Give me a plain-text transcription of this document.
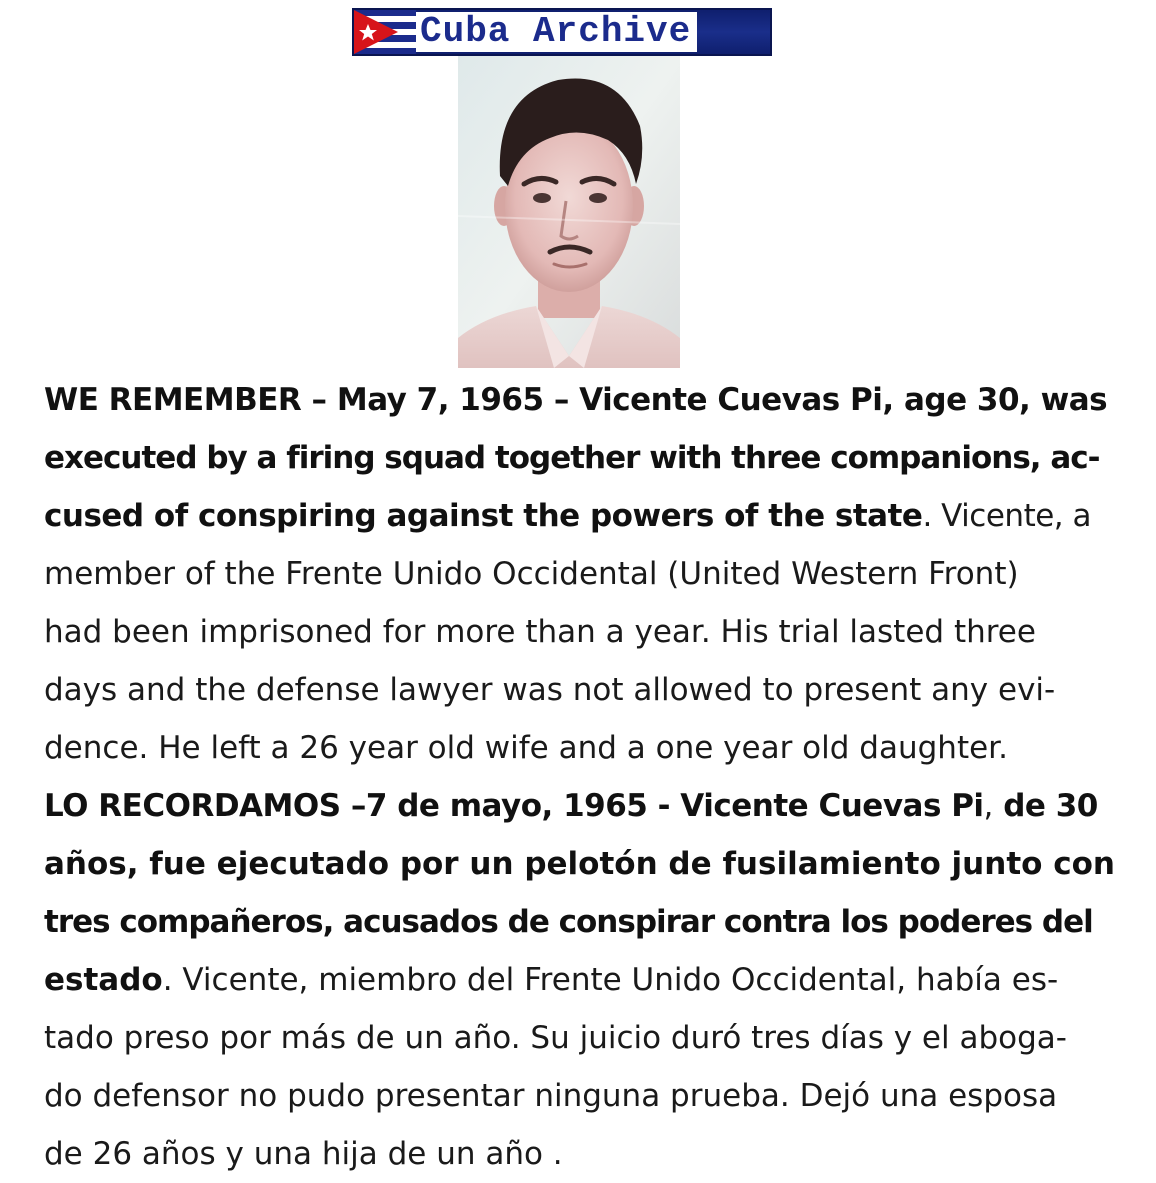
Cuba Archive
WE REMEMBER – May 7, 1965 – Vicente Cuevas Pi, age 30, was
executed by a firing squad together with three companions, ac-
cused of conspiring against the powers of the state. Vicente, a
member of the Frente Unido Occidental (United Western Front)
had been imprisoned for more than a year. His trial lasted three
days and the defense lawyer was not allowed to present any evi-
dence. He left a 26 year old wife and a one year old daughter.
LO RECORDAMOS –7 de mayo, 1965 - Vicente Cuevas Pi, de 30
años, fue ejecutado por un pelotón de fusilamiento junto con
tres compañeros, acusados de conspirar contra los poderes del
estado. Vicente, miembro del Frente Unido Occidental, había es-
tado preso por más de un año. Su juicio duró tres días y el aboga-
do defensor no pudo presentar ninguna prueba. Dejó una esposa
de 26 años y una hija de un año .
